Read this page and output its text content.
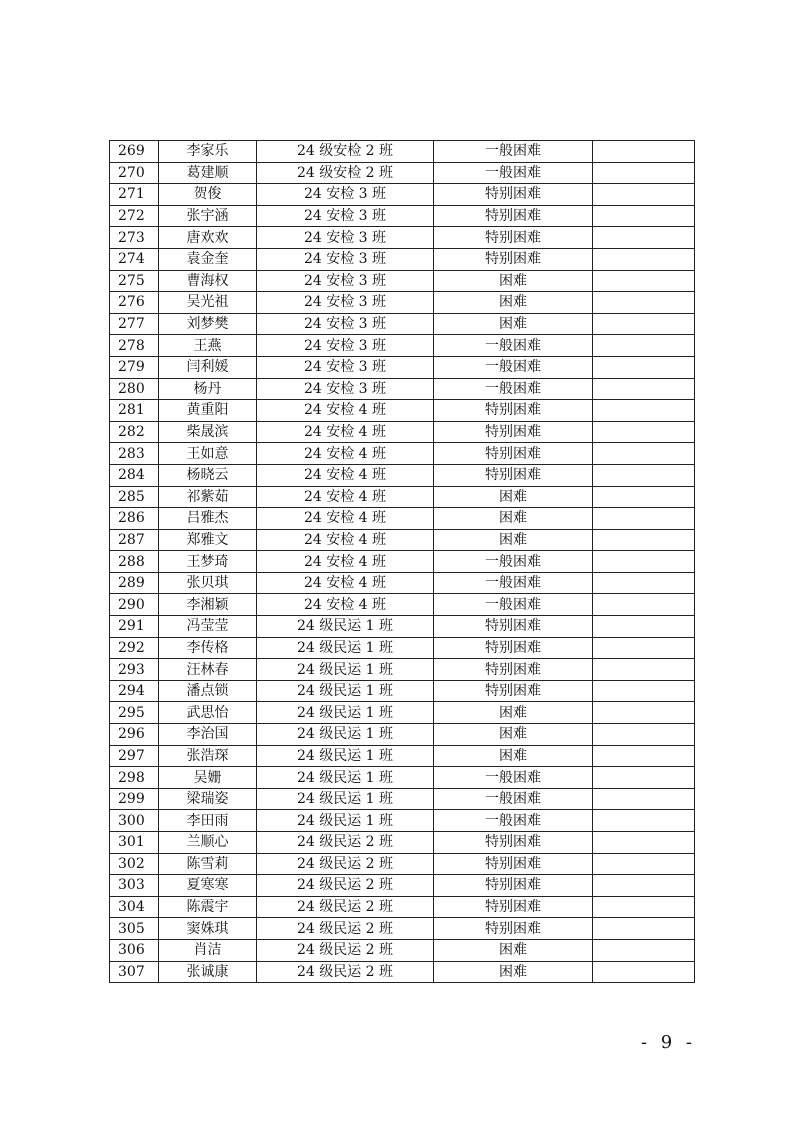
269	李家乐	24 级安检 2 班	一般困难	
270	葛建顺	24 级安检 2 班	一般困难	
271	贺俊	24 安检 3 班	特别困难	
272	张宇涵	24 安检 3 班	特别困难	
273	唐欢欢	24 安检 3 班	特别困难	
274	袁金奎	24 安检 3 班	特别困难	
275	曹海权	24 安检 3 班	困难	
276	吴光祖	24 安检 3 班	困难	
277	刘梦樊	24 安检 3 班	困难	
278	王燕	24 安检 3 班	一般困难	
279	闫利媛	24 安检 3 班	一般困难	
280	杨丹	24 安检 3 班	一般困难	
281	黄重阳	24 安检 4 班	特别困难	
282	柴晟滨	24 安检 4 班	特别困难	
283	王如意	24 安检 4 班	特别困难	
284	杨晓云	24 安检 4 班	特别困难	
285	祁紫茹	24 安检 4 班	困难	
286	吕雅杰	24 安检 4 班	困难	
287	郑雅文	24 安检 4 班	困难	
288	王梦琦	24 安检 4 班	一般困难	
289	张贝琪	24 安检 4 班	一般困难	
290	李湘颖	24 安检 4 班	一般困难	
291	冯莹莹	24 级民运 1 班	特别困难	
292	李传格	24 级民运 1 班	特别困难	
293	汪林春	24 级民运 1 班	特别困难	
294	潘点锁	24 级民运 1 班	特别困难	
295	武思怡	24 级民运 1 班	困难	
296	李治国	24 级民运 1 班	困难	
297	张浩琛	24 级民运 1 班	困难	
298	吴姗	24 级民运 1 班	一般困难	
299	梁瑞姿	24 级民运 1 班	一般困难	
300	李田雨	24 级民运 1 班	一般困难	
301	兰顺心	24 级民运 2 班	特别困难	
302	陈雪莉	24 级民运 2 班	特别困难	
303	夏寒寒	24 级民运 2 班	特别困难	
304	陈震宇	24 级民运 2 班	特别困难	
305	窦姝琪	24 级民运 2 班	特别困难	
306	肖洁	24 级民运 2 班	困难	
307	张诚康	24 级民运 2 班	困难	
- 9 -
